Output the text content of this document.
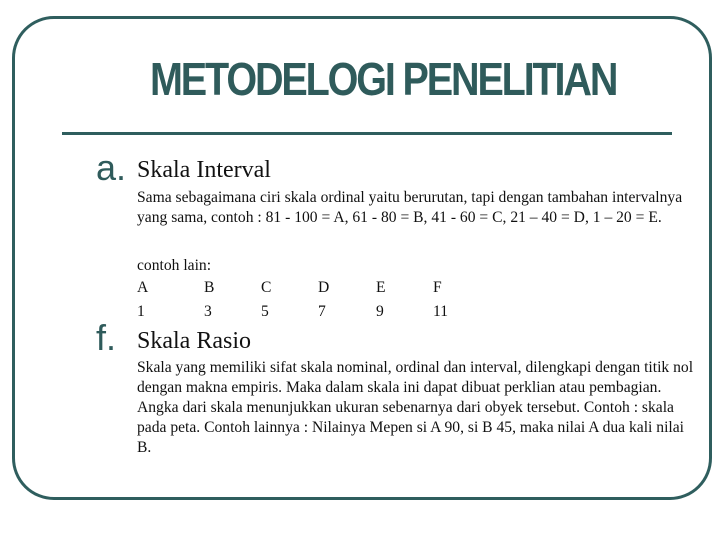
METODELOGI PENELITIAN
a. Skala Interval

Sama sebagaimana ciri skala ordinal yaitu berurutan, tapi dengan tambahan intervalnya yang sama, contoh : 81 - 100 = A, 61 - 80 = B, 41 - 60 = C, 21 – 40 = D, 1 – 20 = E.

contoh lain:
A	B	C	D	E	F
1	3	5	7	9	11
f. Skala Rasio

Skala yang memiliki sifat skala nominal, ordinal dan interval, dilengkapi dengan titik nol dengan makna empiris. Maka dalam skala ini dapat dibuat perklian atau pembagian. Angka dari skala menunjukkan ukuran sebenarnya dari obyek tersebut. Contoh : skala pada peta. Contoh lainnya : Nilainya Mepen si A 90, si B 45, maka nilai A dua kali nilai B.
